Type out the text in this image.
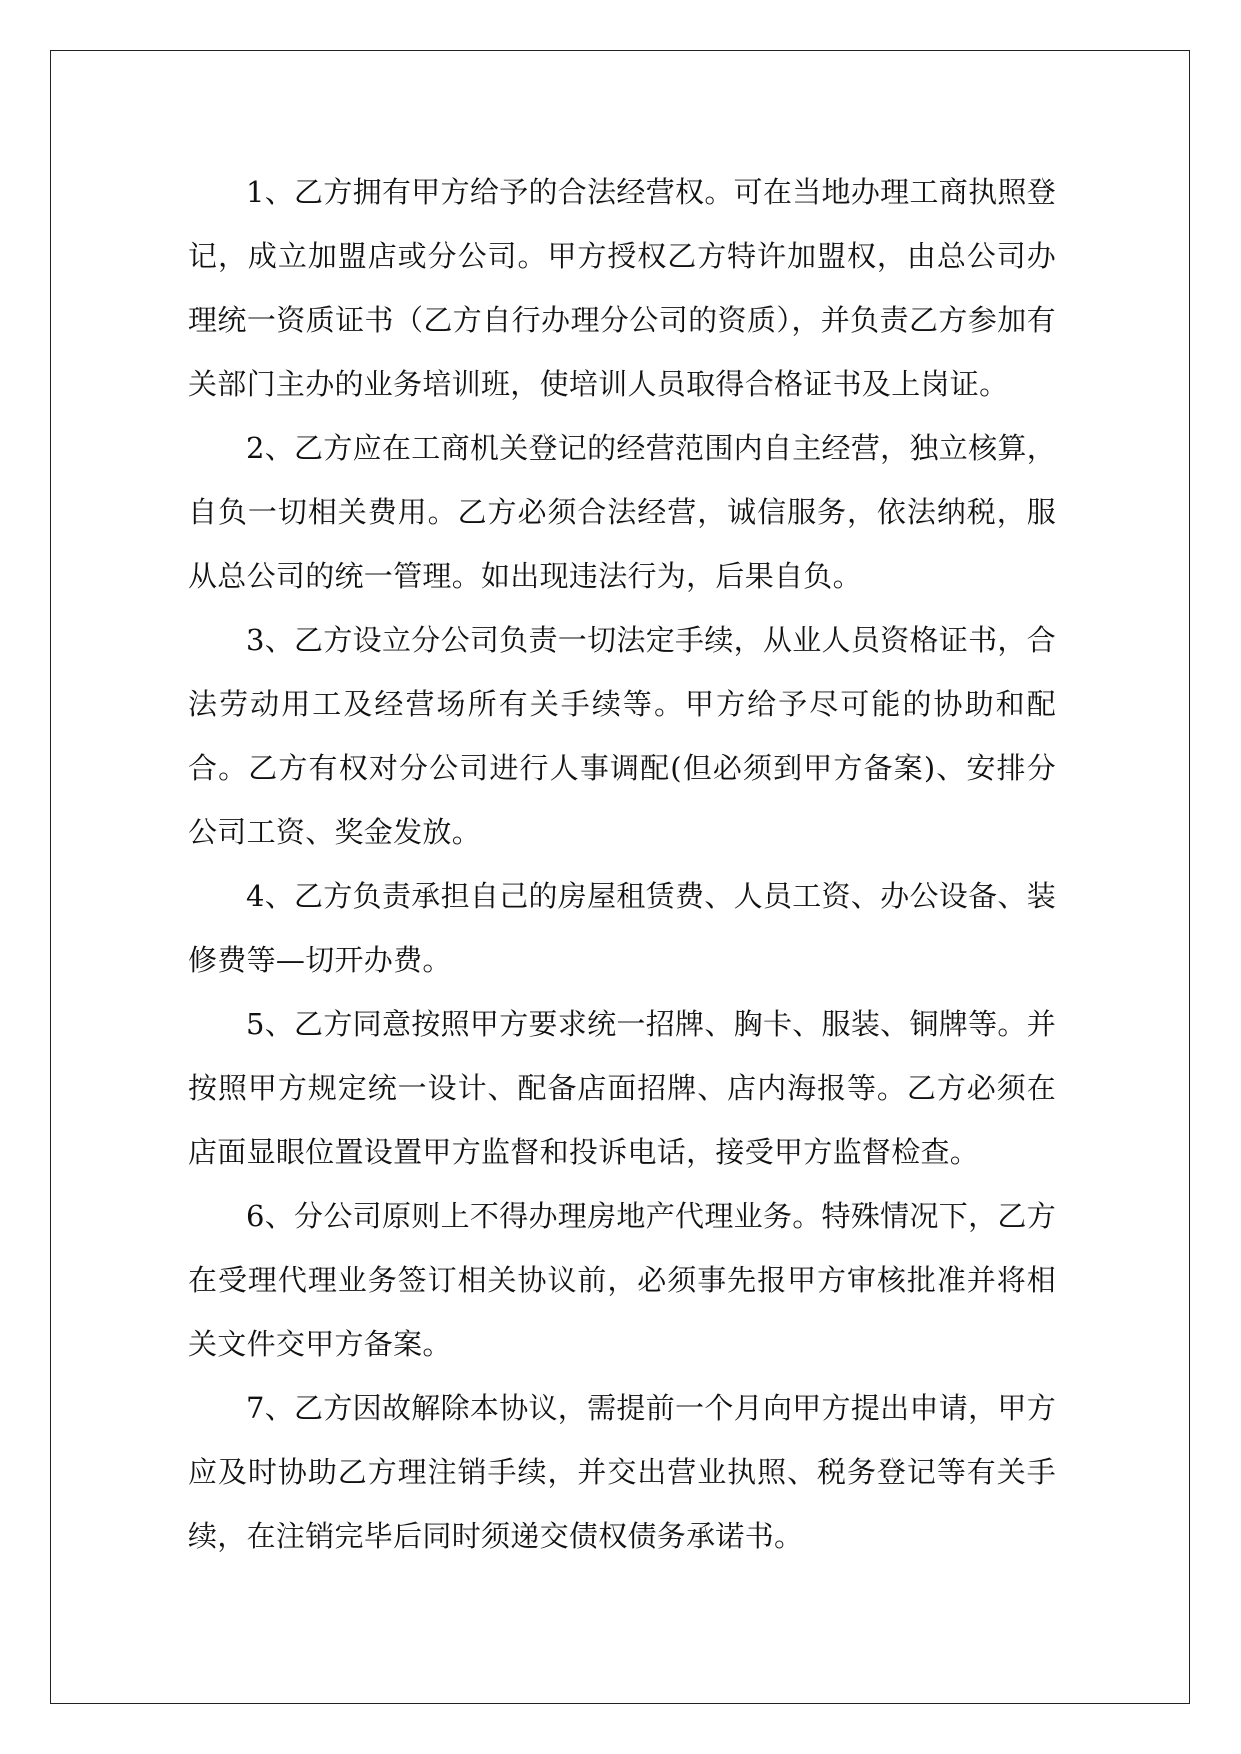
1、乙方拥有甲方给予的合法经营权。可在当地办理工商执照登记，成立加盟店或分公司。甲方授权乙方特许加盟权，由总公司办理统一资质证书（乙方自行办理分公司的资质），并负责乙方参加有关部门主办的业务培训班，使培训人员取得合格证书及上岗证。

2、乙方应在工商机关登记的经营范围内自主经营，独立核算，自负一切相关费用。乙方必须合法经营，诚信服务，依法纳税，服从总公司的统一管理。如出现违法行为，后果自负。

3、乙方设立分公司负责一切法定手续，从业人员资格证书，合法劳动用工及经营场所有关手续等。甲方给予尽可能的协助和配合。乙方有权对分公司进行人事调配(但必须到甲方备案)、安排分公司工资、奖金发放。

4、乙方负责承担自己的房屋租赁费、人员工资、办公设备、装修费等—切开办费。

5、乙方同意按照甲方要求统一招牌、胸卡、服装、铜牌等。并按照甲方规定统一设计、配备店面招牌、店内海报等。乙方必须在店面显眼位置设置甲方监督和投诉电话，接受甲方监督检查。

6、分公司原则上不得办理房地产代理业务。特殊情况下，乙方在受理代理业务签订相关协议前，必须事先报甲方审核批准并将相关文件交甲方备案。

7、乙方因故解除本协议，需提前一个月向甲方提出申请，甲方应及时协助乙方理注销手续，并交出营业执照、税务登记等有关手续，在注销完毕后同时须递交债权债务承诺书。
